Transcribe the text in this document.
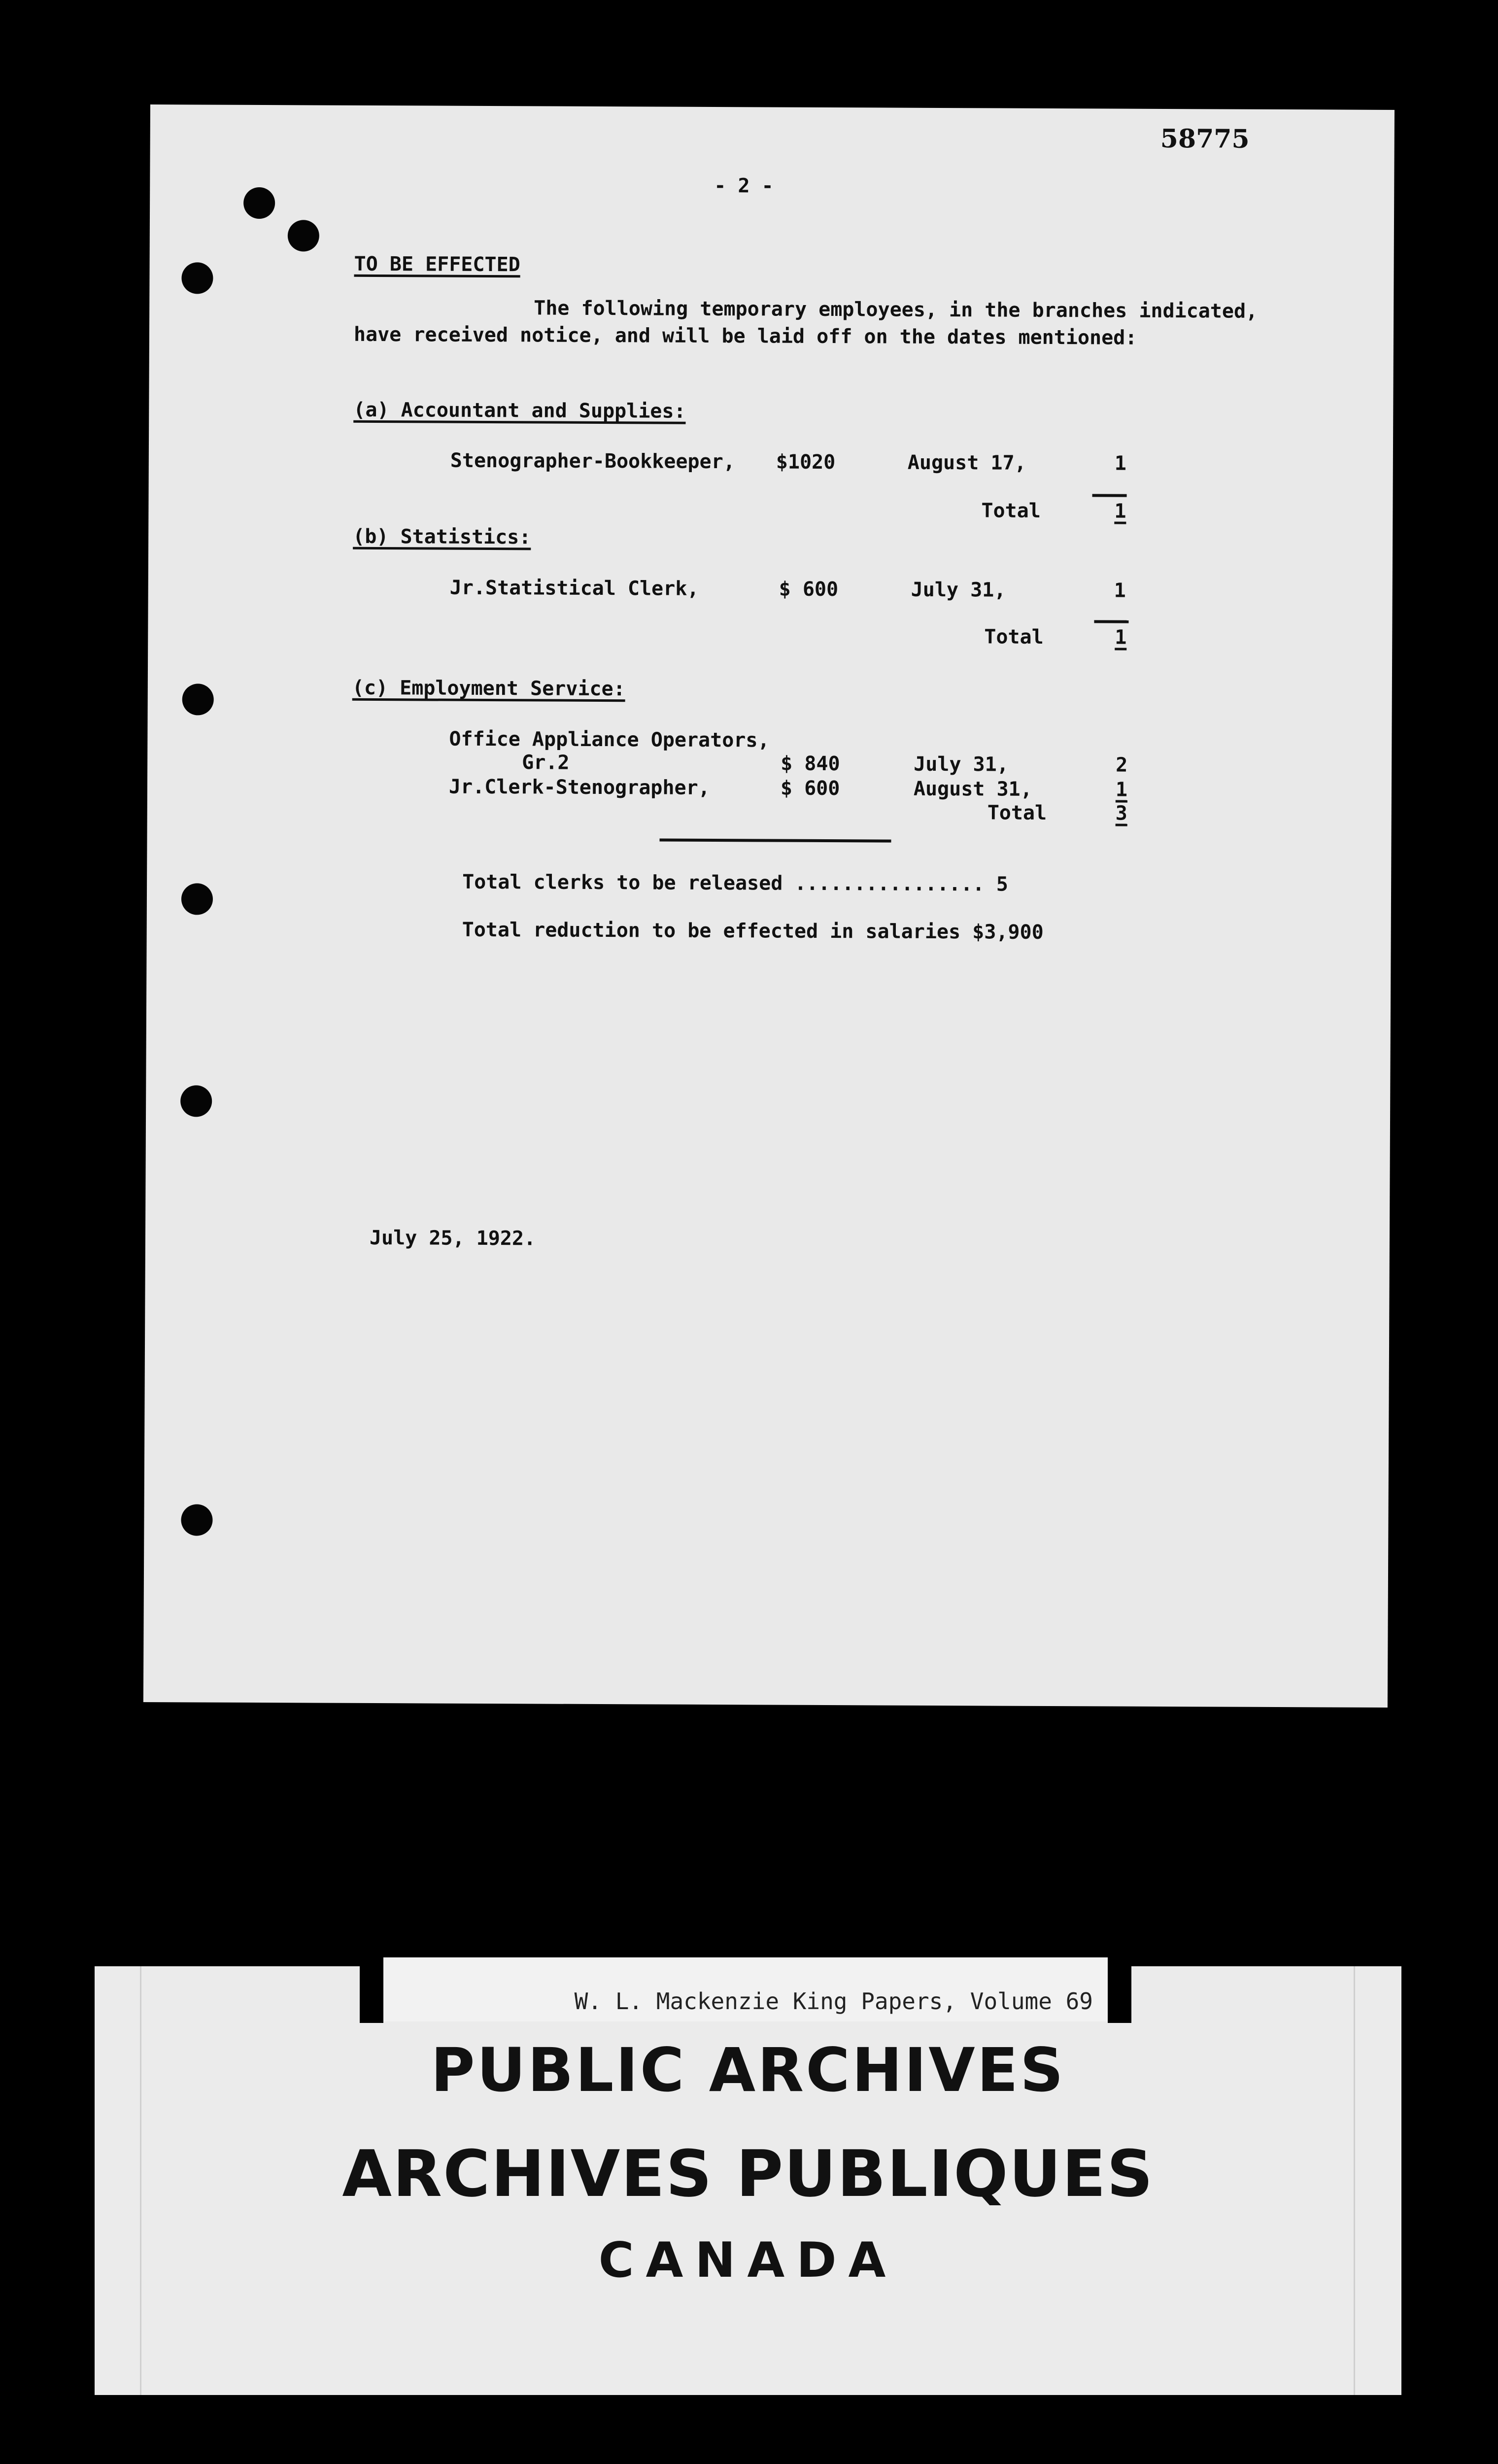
58775
- 2 -
TO BE EFFECTED
The following temporary employees, in the branches indicated,
have received notice, and will be laid off on the dates mentioned:
(a) Accountant and Supplies:
Stenographer-Bookkeeper, $1020	August 17,	1
Total	1
(b) Statistics:
Jr.Statistical Clerk,	$ 600	July 31,	1
Total	1
(c) Employment Service:
Office Appliance Operators,
Gr.2	$ 840	July 31,	2
Jr.Clerk-Stenographer,	$ 600	August 31,	1
Total	3
Total clerks to be released ................ 5
Total reduction to be effected in salaries $3,900
July 25, 1922.
PUBLIC ARCHIVES
ARCHIVES PUBLIQUES
CANADA
W. L. Mackenzie King Papers, Volume 69
